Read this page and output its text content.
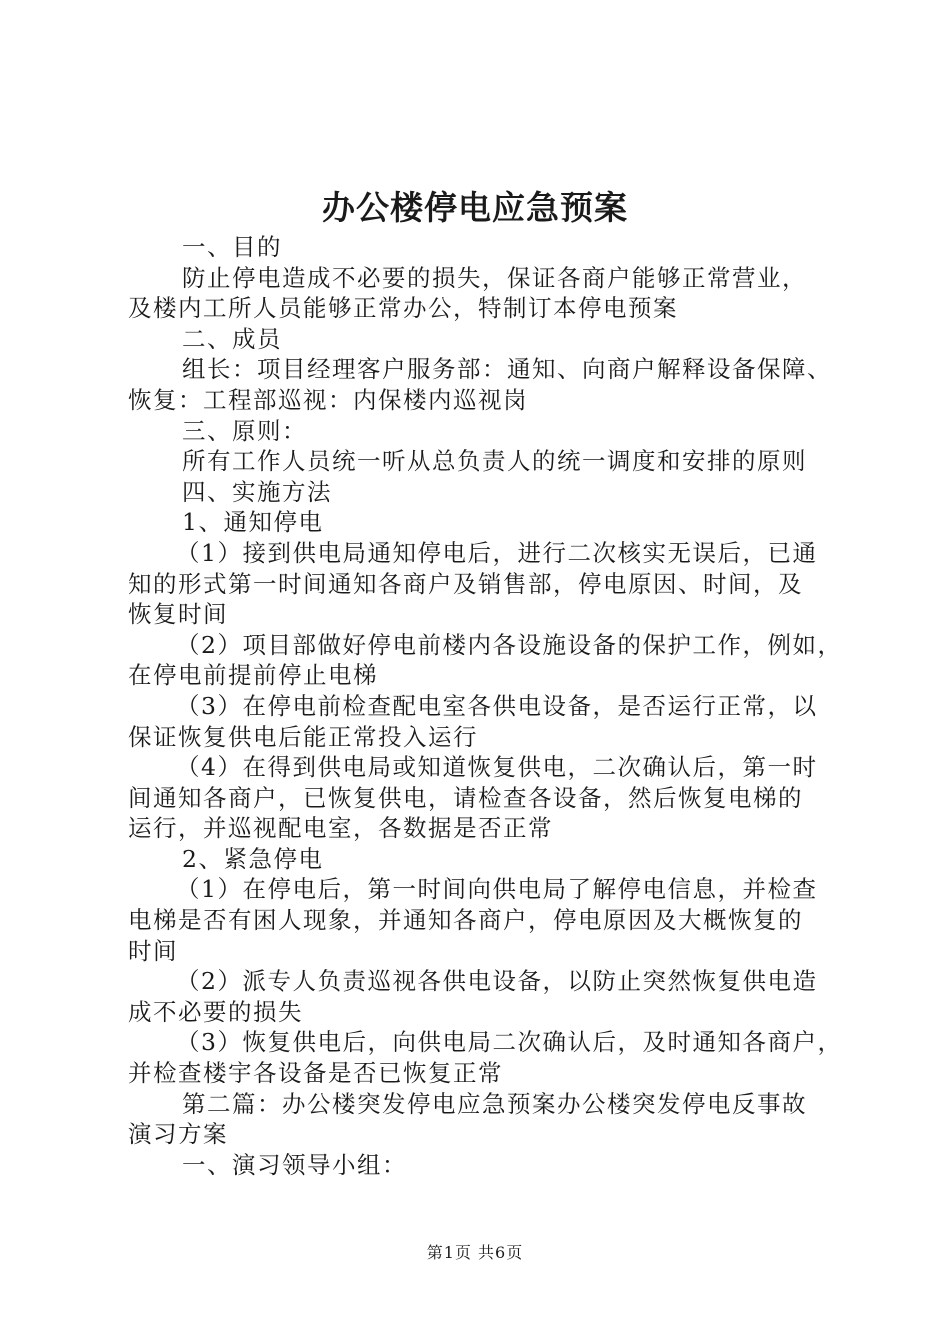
办公楼停电应急预案

一、目的

防止停电造成不必要的损失，保证各商户能够正常营业，

及楼内工所人员能够正常办公，特制订本停电预案

二、成员

组长：项目经理客户服务部：通知、向商户解释设备保障、

恢复：工程部巡视：内保楼内巡视岗

三、原则：

所有工作人员统一听从总负责人的统一调度和安排的原则

四、实施方法

1、通知停电

（1）接到供电局通知停电后，进行二次核实无误后，已通

知的形式第一时间通知各商户及销售部，停电原因、时间，及

恢复时间

（2）项目部做好停电前楼内各设施设备的保护工作，例如，

在停电前提前停止电梯

（3）在停电前检查配电室各供电设备，是否运行正常，以

保证恢复供电后能正常投入运行

（4）在得到供电局或知道恢复供电，二次确认后，第一时

间通知各商户，已恢复供电，请检查各设备，然后恢复电梯的

运行，并巡视配电室，各数据是否正常

2、紧急停电

（1）在停电后，第一时间向供电局了解停电信息，并检查

电梯是否有困人现象，并通知各商户，停电原因及大概恢复的

时间

（2）派专人负责巡视各供电设备，以防止突然恢复供电造

成不必要的损失

（3）恢复供电后，向供电局二次确认后，及时通知各商户，

并检查楼宇各设备是否已恢复正常

第二篇：办公楼突发停电应急预案办公楼突发停电反事故

演习方案

一、演习领导小组：

第1页 共6页
